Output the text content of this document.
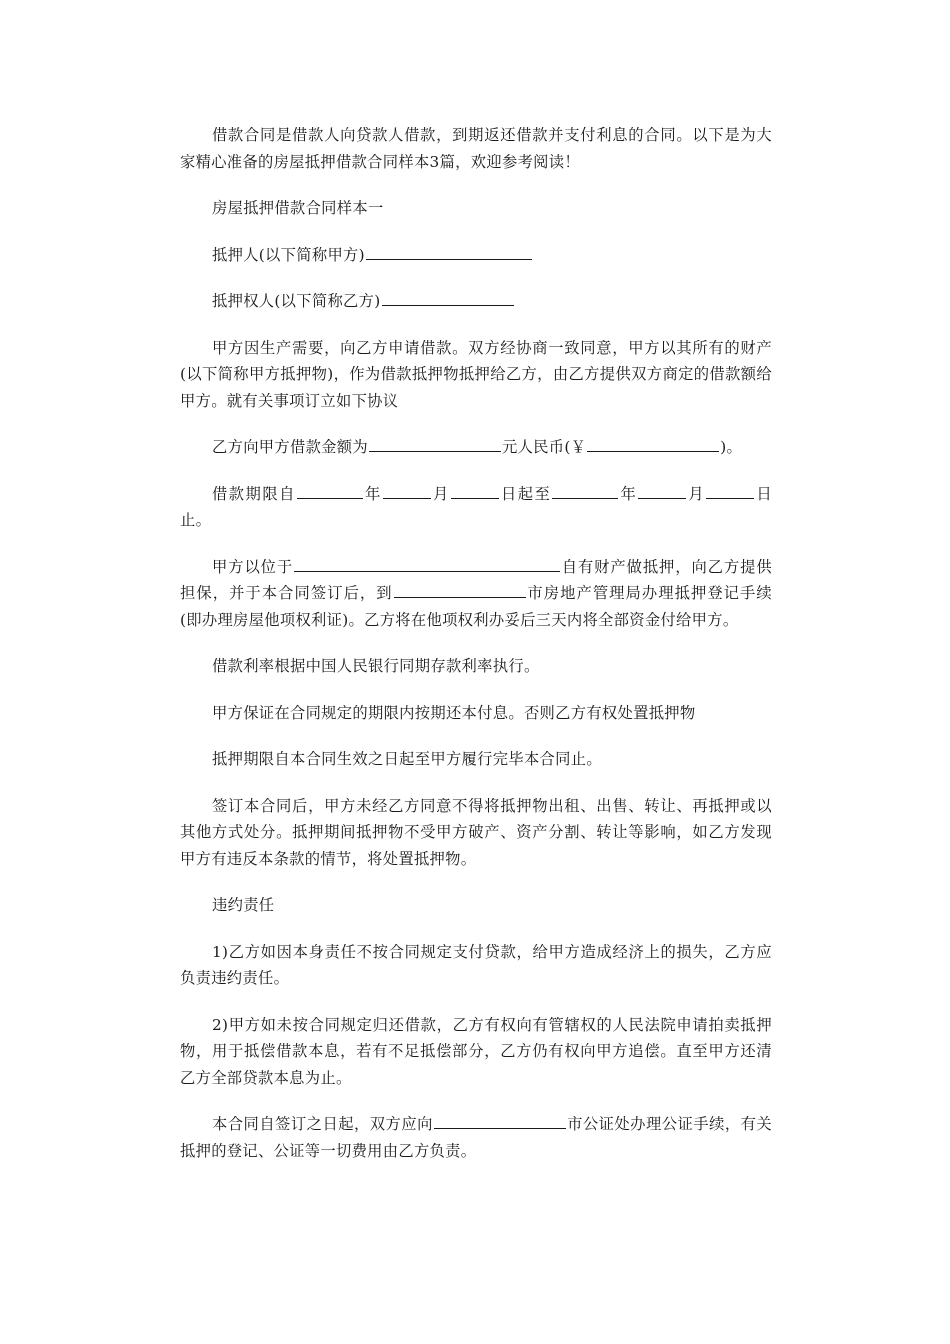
借款合同是借款人向贷款人借款，到期返还借款并支付利息的合同。以下是为大家精心准备的房屋抵押借款合同样本3篇，欢迎参考阅读！

房屋抵押借款合同样本一

抵押人(以下简称甲方)

抵押权人(以下简称乙方)

甲方因生产需要，向乙方申请借款。双方经协商一致同意，甲方以其所有的财产(以下简称甲方抵押物)，作为借款抵押物抵押给乙方，由乙方提供双方商定的借款额给甲方。就有关事项订立如下协议

乙方向甲方借款金额为	元人民币(￥	)。

借款期限自	年	月	日起至	年	月	日止。

甲方以位于	自有财产做抵押，向乙方提供担保，并于本合同签订后，到	市房地产管理局办理抵押登记手续(即办理房屋他项权利证)。乙方将在他项权利办妥后三天内将全部资金付给甲方。

借款利率根据中国人民银行同期存款利率执行。

甲方保证在合同规定的期限内按期还本付息。否则乙方有权处置抵押物

抵押期限自本合同生效之日起至甲方履行完毕本合同止。

签订本合同后，甲方未经乙方同意不得将抵押物出租、出售、转让、再抵押或以其他方式处分。抵押期间抵押物不受甲方破产、资产分割、转让等影响，如乙方发现甲方有违反本条款的情节，将处置抵押物。

违约责任

1)乙方如因本身责任不按合同规定支付贷款，给甲方造成经济上的损失，乙方应负责违约责任。

2)甲方如未按合同规定归还借款，乙方有权向有管辖权的人民法院申请拍卖抵押物，用于抵偿借款本息，若有不足抵偿部分，乙方仍有权向甲方追偿。直至甲方还清乙方全部贷款本息为止。

本合同自签订之日起，双方应向	市公证处办理公证手续，有关抵押的登记、公证等一切费用由乙方负责。
